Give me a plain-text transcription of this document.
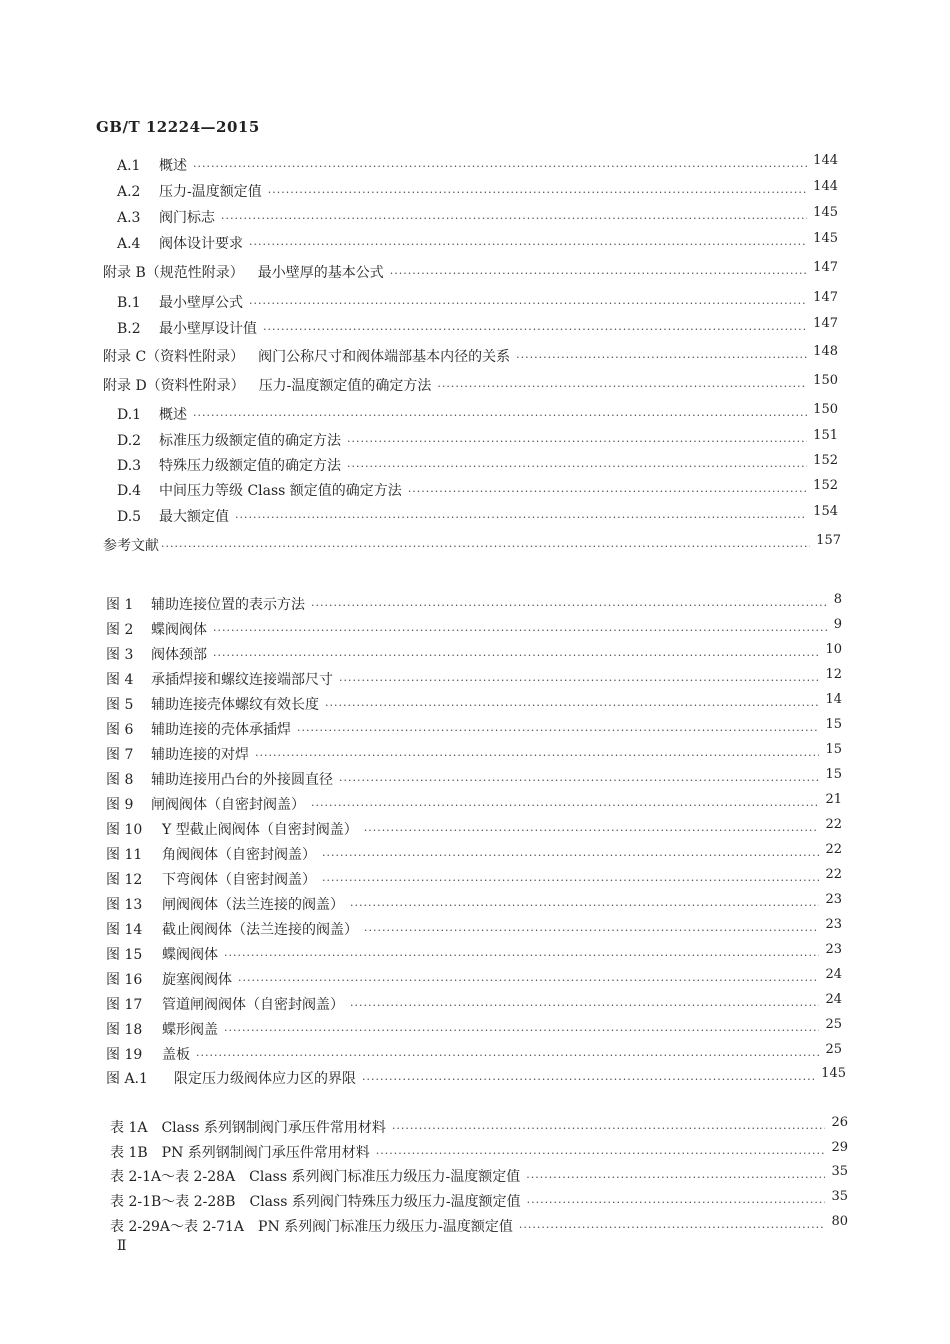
GB/T 12224—2015
A.1 概述 ·····	144
A.2 压力-温度额定值 ·····	144
A.3 阀门标志 ·····	145
A.4 阀体设计要求 ·····	145
附录 B（规范性附录） 最小壁厚的基本公式 ·····	147
B.1 最小壁厚公式 ·····	147
B.2 最小壁厚设计值 ·····	147
附录 C（资料性附录） 阀门公称尺寸和阀体端部基本内径的关系 ·····	148
附录 D（资料性附录） 压力-温度额定值的确定方法 ·····	150
D.1 概述 ·····	150
D.2 标准压力级额定值的确定方法 ·····	151
D.3 特殊压力级额定值的确定方法 ·····	152
D.4 中间压力等级 Class 额定值的确定方法 ·····	152
D.5 最大额定值 ·····	154
参考文献 ·····	157
图 1 辅助连接位置的表示方法 ·····	8
图 2 蝶阀阀体 ·····	9
图 3 阀体颈部 ·····	10
图 4 承插焊接和螺纹连接端部尺寸 ·····	12
图 5 辅助连接壳体螺纹有效长度 ·····	14
图 6 辅助连接的壳体承插焊 ·····	15
图 7 辅助连接的对焊 ·····	15
图 8 辅助连接用凸台的外接圆直径 ·····	15
图 9 闸阀阀体（自密封阀盖） ·····	21
图 10 Y 型截止阀阀体（自密封阀盖） ·····	22
图 11 角阀阀体（自密封阀盖） ·····	22
图 12 下弯阀体（自密封阀盖） ·····	22
图 13 闸阀阀体（法兰连接的阀盖） ·····	23
图 14 截止阀阀体（法兰连接的阀盖） ·····	23
图 15 蝶阀阀体 ·····	23
图 16 旋塞阀阀体 ·····	24
图 17 管道闸阀阀体（自密封阀盖） ·····	24
图 18 蝶形阀盖 ·····	25
图 19 盖板 ·····	25
图 A.1 限定压力级阀体应力区的界限 ·····	145
表 1A Class 系列钢制阀门承压件常用材料 ·····	26
表 1B PN 系列钢制阀门承压件常用材料 ·····	29
表 2-1A～表 2-28A Class 系列阀门标准压力级压力-温度额定值 ·····	35
表 2-1B～表 2-28B Class 系列阀门特殊压力级压力-温度额定值 ·····	35
表 2-29A～表 2-71A PN 系列阀门标准压力级压力-温度额定值 ·····	80
Ⅱ
